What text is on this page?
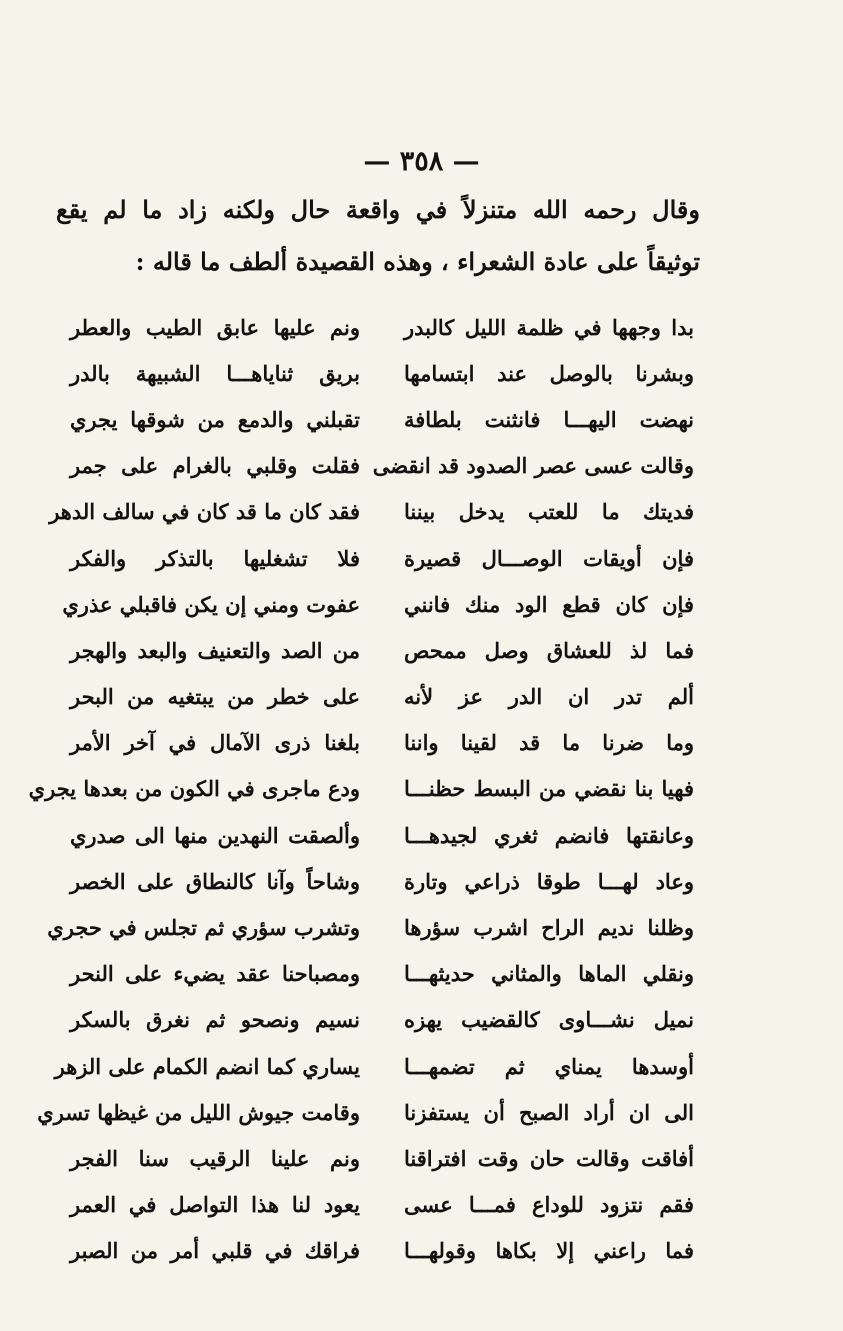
— ٣٥٨ —
وقال رحمه الله متنزلاً في واقعة حال ولكنه زاد ما لم يقع
توثيقاً على عادة الشعراء ، وهذه القصيدة ألطف ما قاله :
بدا وجهها في ظلمة الليل كالبدر
ونم عليها عابق الطيب والعطر
وبشرنا بالوصل عند ابتسامها
بريق ثناياهـــا الشبيهة بالدر
نهضت اليهـــا فانثنت بلطافة
تقبلني والدمع من شوقها يجري
وقالت عسى عصر الصدود قد انقضى
فقلت وقلبي بالغرام على جمر
فديتك ما للعتب يدخل بيننا
فقد كان ما قد كان في سالف الدهر
فإن أويقات الوصـــال قصيرة
فلا تشغليها بالتذكر والفكر
فإن كان قطع الود منك فانني
عفوت ومني إن يكن فاقبلي عذري
فما لذ للعشاق وصل ممحص
من الصد والتعنيف والبعد والهجر
ألم تدر ان الدر عز لأنه
على خطر من يبتغيه من البحر
وما ضرنا ما قد لقينا واننا
بلغنا ذرى الآمال في آخر الأمر
فهيا بنا نقضي من البسط حظنـــا
ودع ماجرى في الكون من بعدها يجري
وعانقتها فانضم ثغري لجيدهـــا
وألصقت النهدين منها الى صدري
وعاد لهـــا طوقا ذراعي وتارة
وشاحاً وآنا كالنطاق على الخصر
وظلنا نديم الراح اشرب سؤرها
وتشرب سؤري ثم تجلس في حجري
ونقلي الماها والمثاني حديثهـــا
ومصباحنا عقد يضيء على النحر
نميل نشـــاوى كالقضيب يهزه
نسيم ونصحو ثم نغرق بالسكر
أوسدها يمناي ثم تضمهـــا
يساري كما انضم الكمام على الزهر
الى ان أراد الصبح أن يستفزنا
وقامت جيوش الليل من غيظها تسري
أفاقت وقالت حان وقت افتراقنا
ونم علينا الرقيب سنا الفجر
فقم نتزود للوداع فمـــا عسى
يعود لنا هذا التواصل في العمر
فما راعني إلا بكاها وقولهـــا
فراقك في قلبي أمر من الصبر
